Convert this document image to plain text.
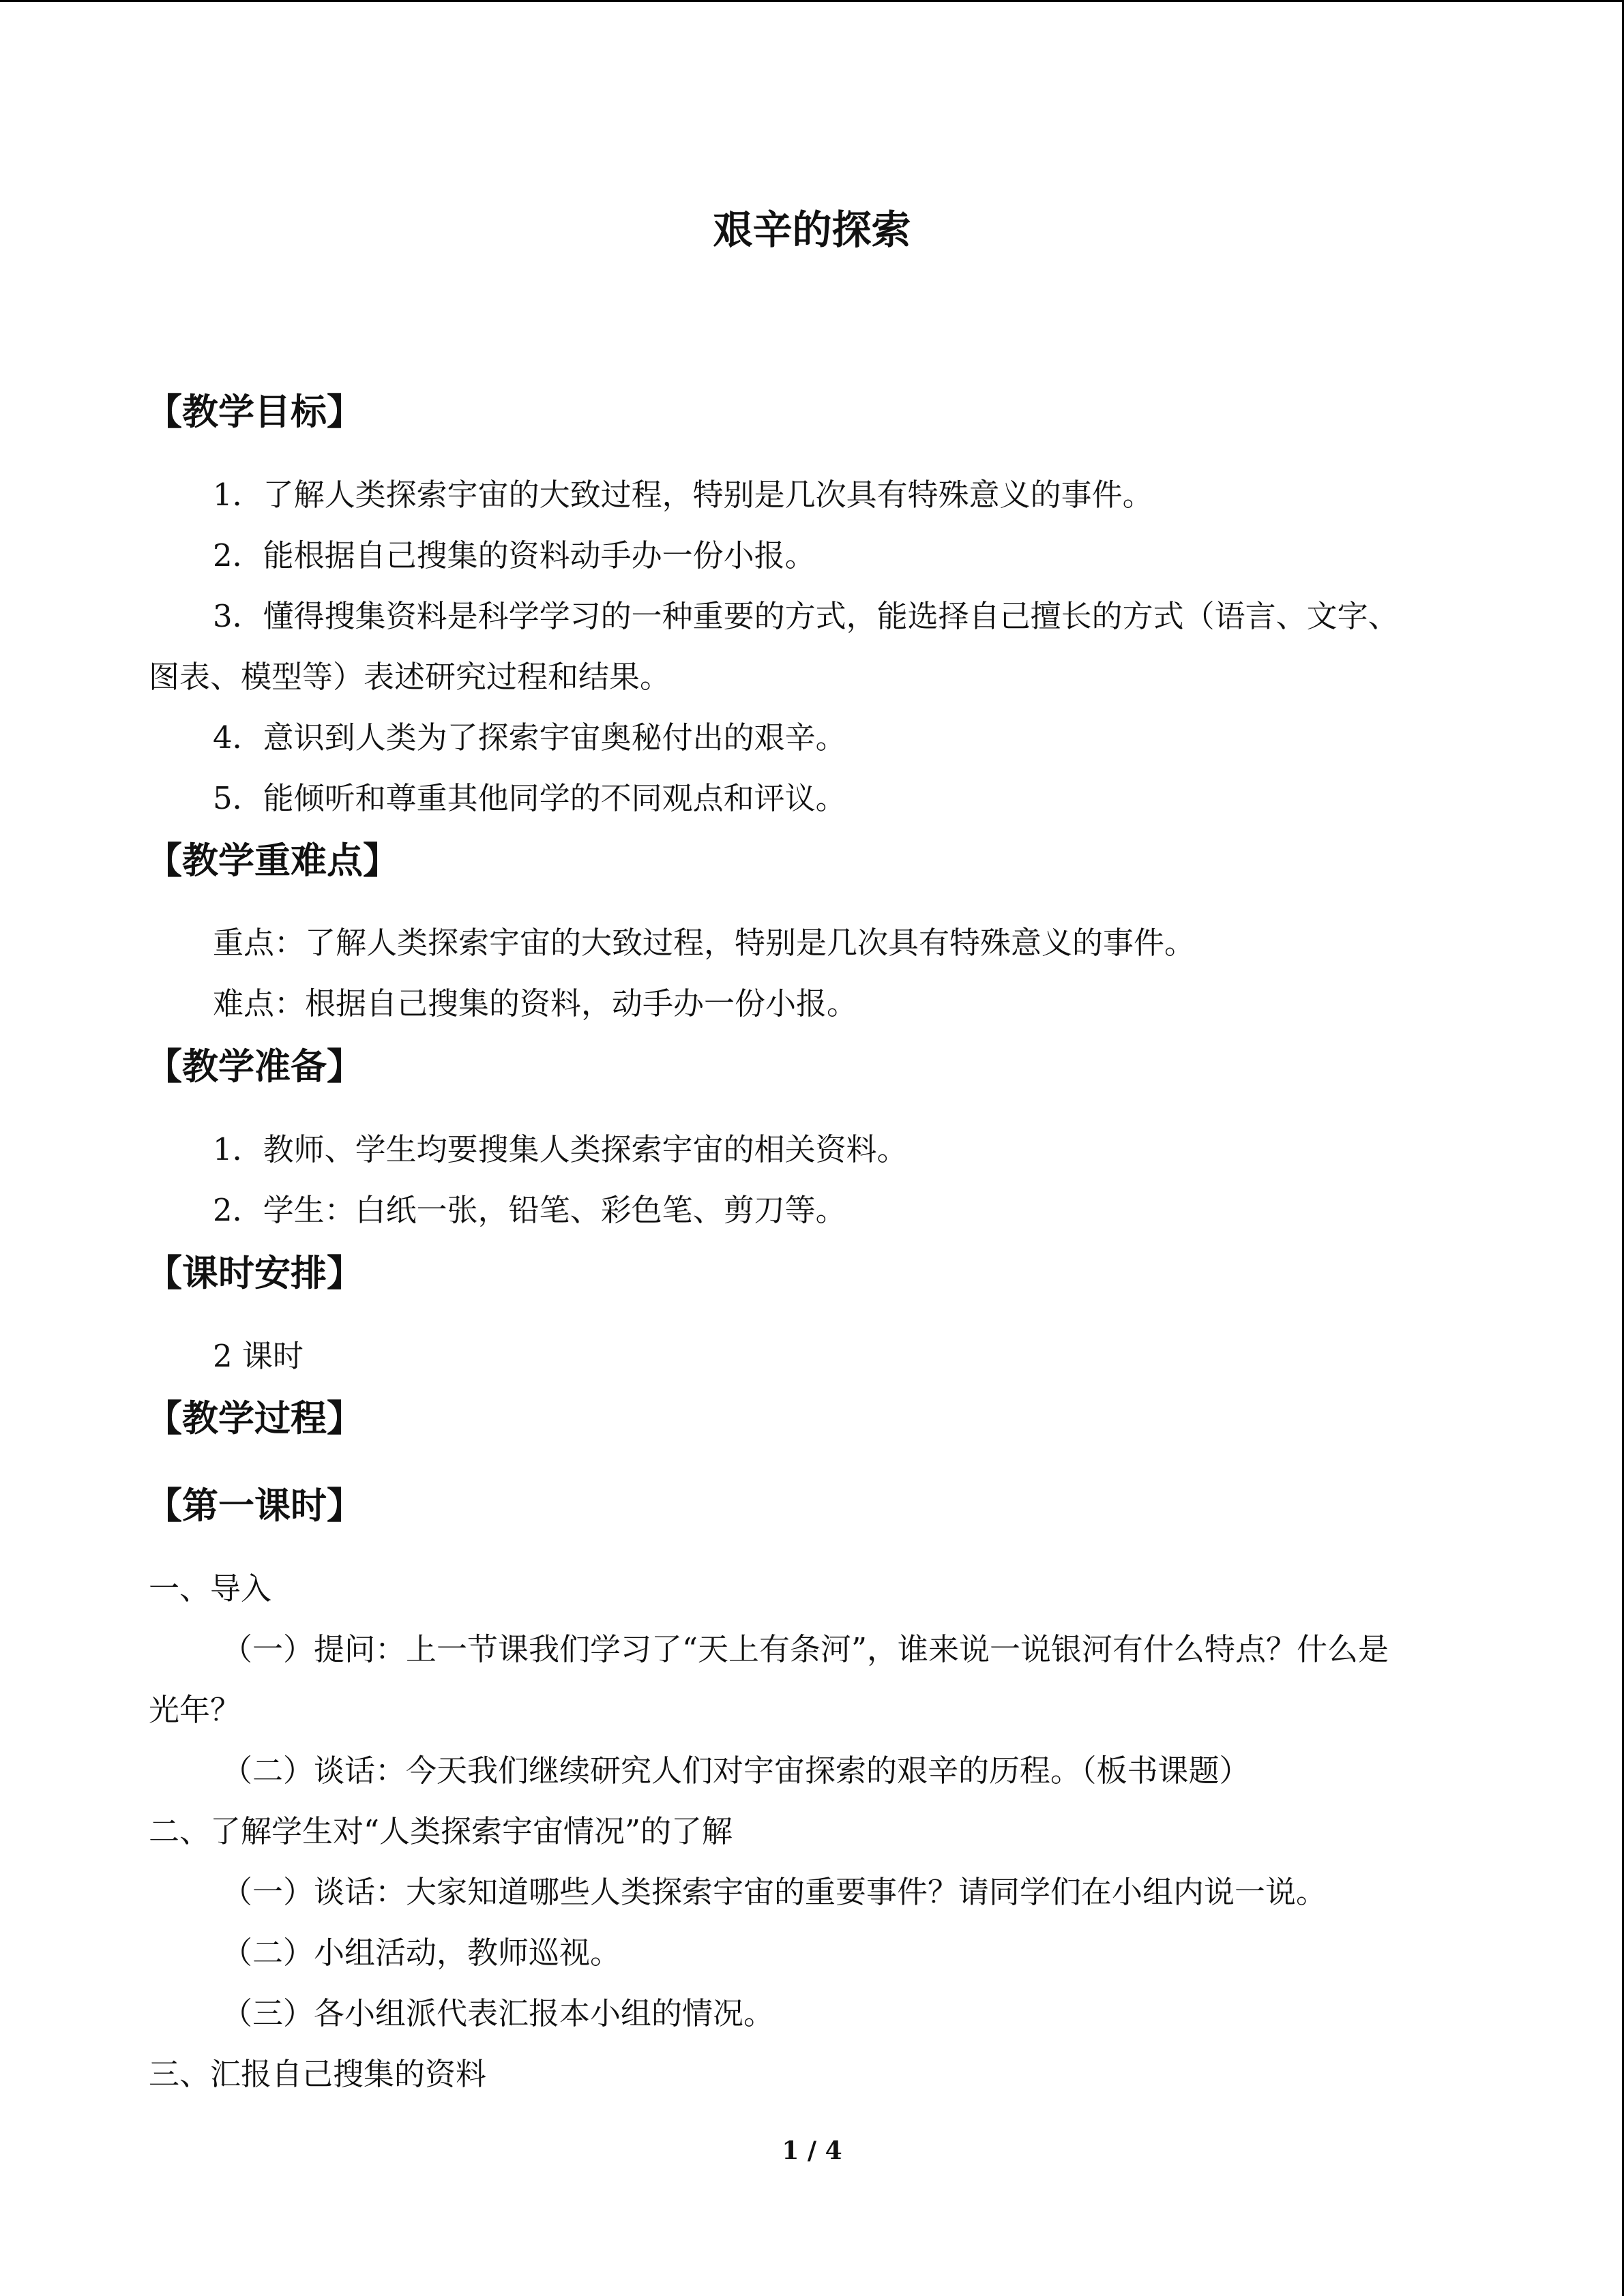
艰辛的探索
【教学目标】
1．了解人类探索宇宙的大致过程，特别是几次具有特殊意义的事件。
2．能根据自己搜集的资料动手办一份小报。
3．懂得搜集资料是科学学习的一种重要的方式，能选择自己擅长的方式（语言、文字、
图表、模型等）表述研究过程和结果。
4．意识到人类为了探索宇宙奥秘付出的艰辛。
5．能倾听和尊重其他同学的不同观点和评议。
【教学重难点】
重点：了解人类探索宇宙的大致过程，特别是几次具有特殊意义的事件。
难点：根据自己搜集的资料，动手办一份小报。
【教学准备】
1．教师、学生均要搜集人类探索宇宙的相关资料。
2．学生：白纸一张，铅笔、彩色笔、剪刀等。
【课时安排】
2 课时
【教学过程】
【第一课时】
一、导入
（一）提问：上一节课我们学习了“天上有条河”，谁来说一说银河有什么特点？什么是
光年？
（二）谈话：今天我们继续研究人们对宇宙探索的艰辛的历程。（板书课题）
二、了解学生对“人类探索宇宙情况”的了解
（一）谈话：大家知道哪些人类探索宇宙的重要事件？请同学们在小组内说一说。
（二）小组活动，教师巡视。
（三）各小组派代表汇报本小组的情况。
三、汇报自己搜集的资料
1 / 4
